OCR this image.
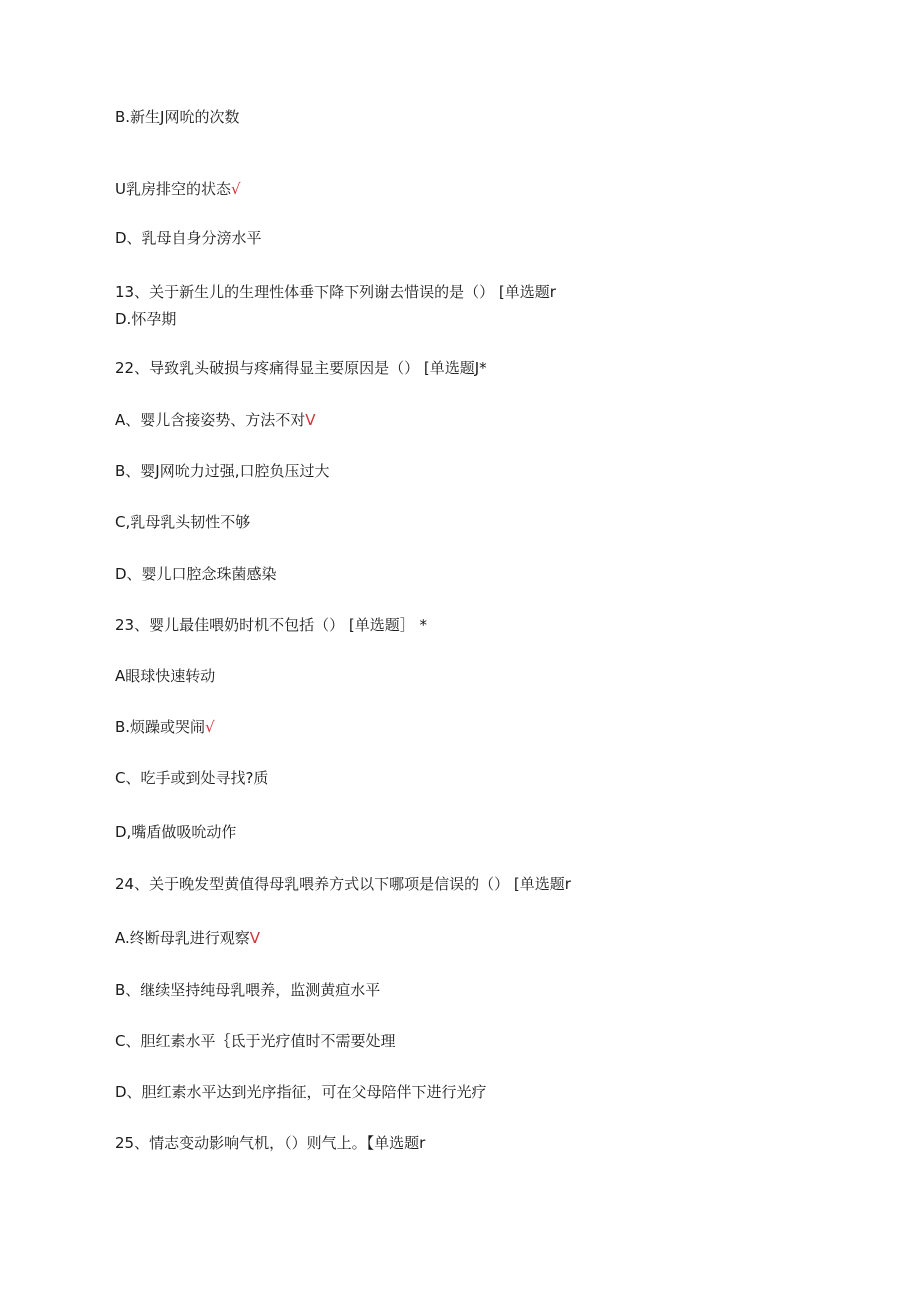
B.新生J网吮的次数
U乳房排空的状态√
D、乳母自身分滂水平
13、关于新生儿的生理性体垂下降下列谢去惜误的是（） [单选题r
D.怀孕期
22、导致乳头破损与疼痛得显主要原因是（） [单选题J*
A、婴儿含接姿势、方法不对V
B、婴J网吮力过强,口腔负压过大
C,乳母乳头韧性不够
D、婴儿口腔念珠菌感染
23、婴儿最佳喂奶时机不包括（） [单选题］ *
A眼球快速转动
B.烦躁或哭闹√
C、吃手或到处寻找?质
D,嘴盾做吸吮动作
24、关于晚发型黄值得母乳喂养方式以下哪项是信误的（） [单选题r
A.终断母乳进行观察V
B、继续坚持纯母乳喂养，监测黄疸水平
C、胆红素水平｛氐于光疗值时不需要处理
D、胆红素水平达到光序指征，可在父母陪伴下进行光疗
25、情志变动影响气机，（）则气上。【单选题r
